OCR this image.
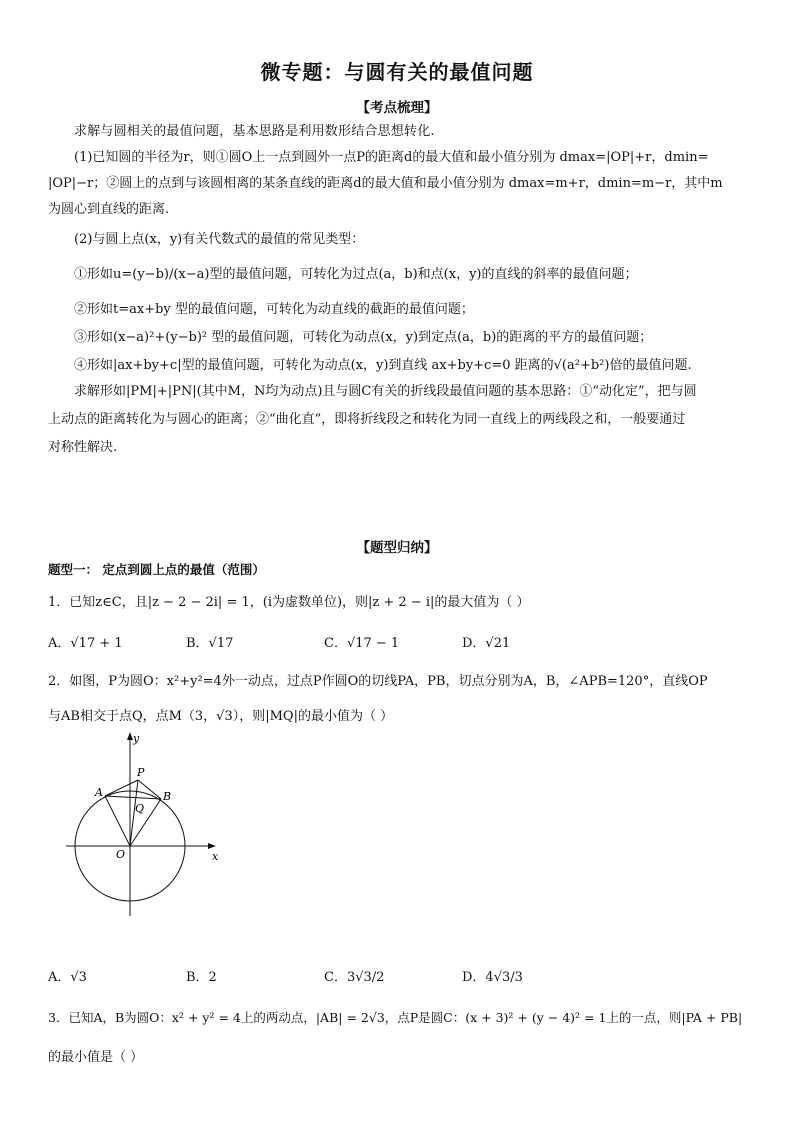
微专题：与圆有关的最值问题
【考点梳理】
求解与圆相关的最值问题，基本思路是利用数形结合思想转化.
(1)已知圆的半径为r，则①圆O上一点到圆外一点P的距离d的最大值和最小值分别为 dmax=|OP|+r，dmin=
|OP|−r；②圆上的点到与该圆相离的某条直线的距离d的最大值和最小值分别为 dmax=m+r，dmin=m−r，其中m
为圆心到直线的距离.
(2)与圆上点(x，y)有关代数式的最值的常见类型：
①形如u=(y−b)/(x−a)型的最值问题，可转化为过点(a，b)和点(x，y)的直线的斜率的最值问题；
②形如t=ax+by 型的最值问题，可转化为动直线的截距的最值问题；
③形如(x−a)²+(y−b)² 型的最值问题，可转化为动点(x，y)到定点(a，b)的距离的平方的最值问题；
④形如|ax+by+c|型的最值问题，可转化为动点(x，y)到直线 ax+by+c=0 距离的√(a²+b²)倍的最值问题.
求解形如|PM|+|PN|(其中M，N均为动点)且与圆C有关的折线段最值问题的基本思路：①“动化定”，把与圆
上动点的距离转化为与圆心的距离；②“曲化直”，即将折线段之和转化为同一直线上的两线段之和，一般要通过
对称性解决.
【题型归纳】
题型一： 定点到圆上点的最值（范围）
1．已知z∈C，且|z − 2 − 2i| = 1，(i为虚数单位)，则|z + 2 − i|的最大值为（ ）
A．√17 + 1	B．√17	C．√17 − 1	D．√21
2．如图，P为圆O：x²+y²=4外一动点，过点P作圆O的切线PA，PB，切点分别为A，B，∠APB=120°，直线OP
与AB相交于点Q，点M（3，√3），则|MQ|的最小值为（ ）
y
x
O
P
A	B
Q
A．√3	B．2	C．3√3/2	D．4√3/3
3．已知A，B为圆O：x² + y² = 4上的两动点，|AB| = 2√3，点P是圆C：(x + 3)² + (y − 4)² = 1上的一点，则|PA + PB|
的最小值是（ ）
